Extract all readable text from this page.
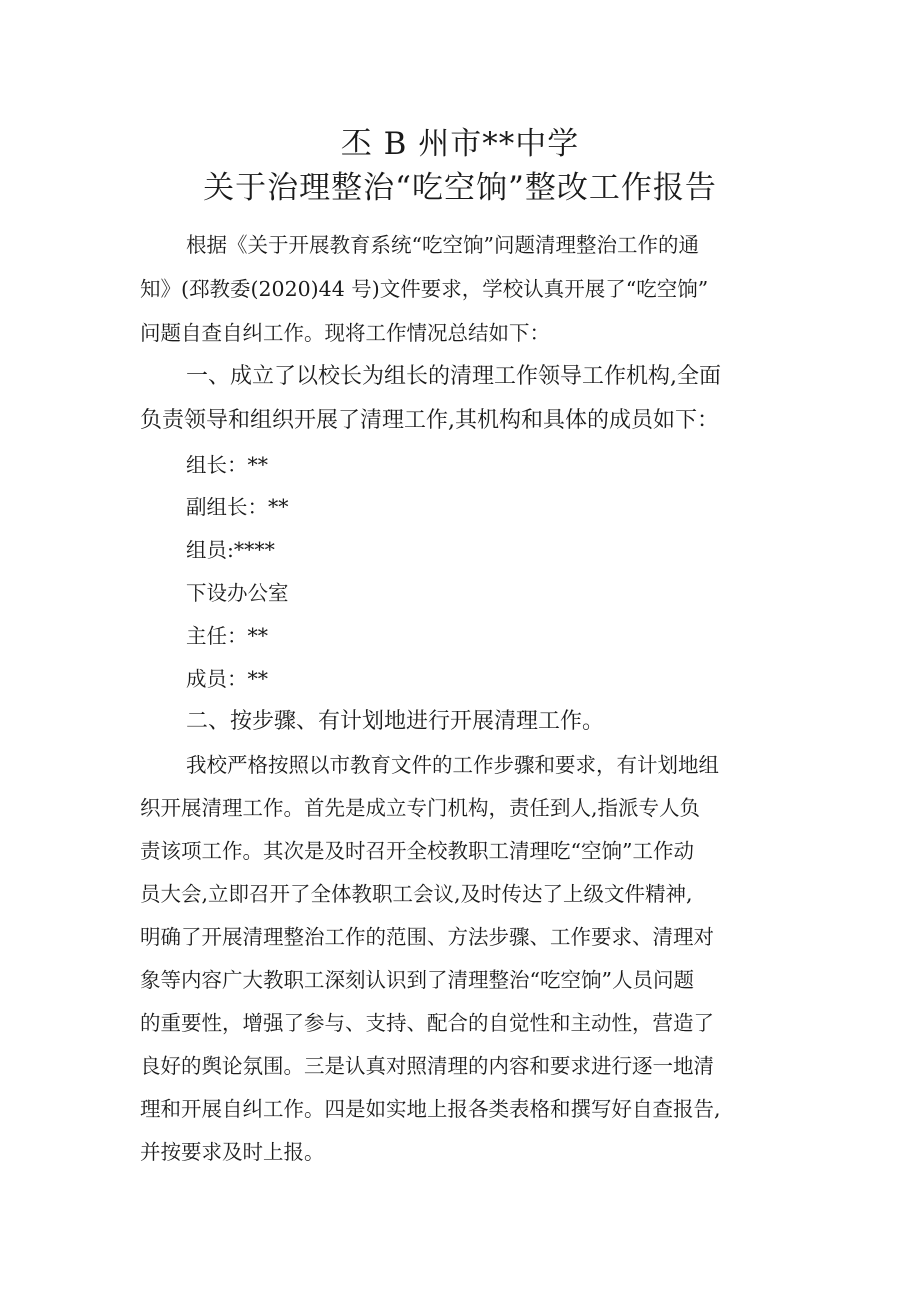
丕 B 州市**中学
关于治理整治“吃空饷”整改工作报告
根据《关于开展教育系统“吃空饷”问题清理整治工作的通
知》(邳教委(2020)44 号)文件要求，学校认真开展了“吃空饷”
问题自查自纠工作。现将工作情况总结如下：
一、成立了以校长为组长的清理工作领导工作机构,全面
负责领导和组织开展了清理工作,其机构和具体的成员如下：
组长：**
副组长：**
组员:****
下设办公室
主任：**
成员：**
二、按步骤、有计划地进行开展清理工作。
我校严格按照以市教育文件的工作步骤和要求，有计划地组
织开展清理工作。首先是成立专门机构，责任到人,指派专人负
责该项工作。其次是及时召开全校教职工清理吃“空饷”工作动
员大会,立即召开了全体教职工会议,及时传达了上级文件精神,
明确了开展清理整治工作的范围、方法步骤、工作要求、清理对
象等内容广大教职工深刻认识到了清理整治“吃空饷”人员问题
的重要性，增强了参与、支持、配合的自觉性和主动性，营造了
良好的舆论氛围。三是认真对照清理的内容和要求进行逐一地清
理和开展自纠工作。四是如实地上报各类表格和撰写好自查报告,
并按要求及时上报。
